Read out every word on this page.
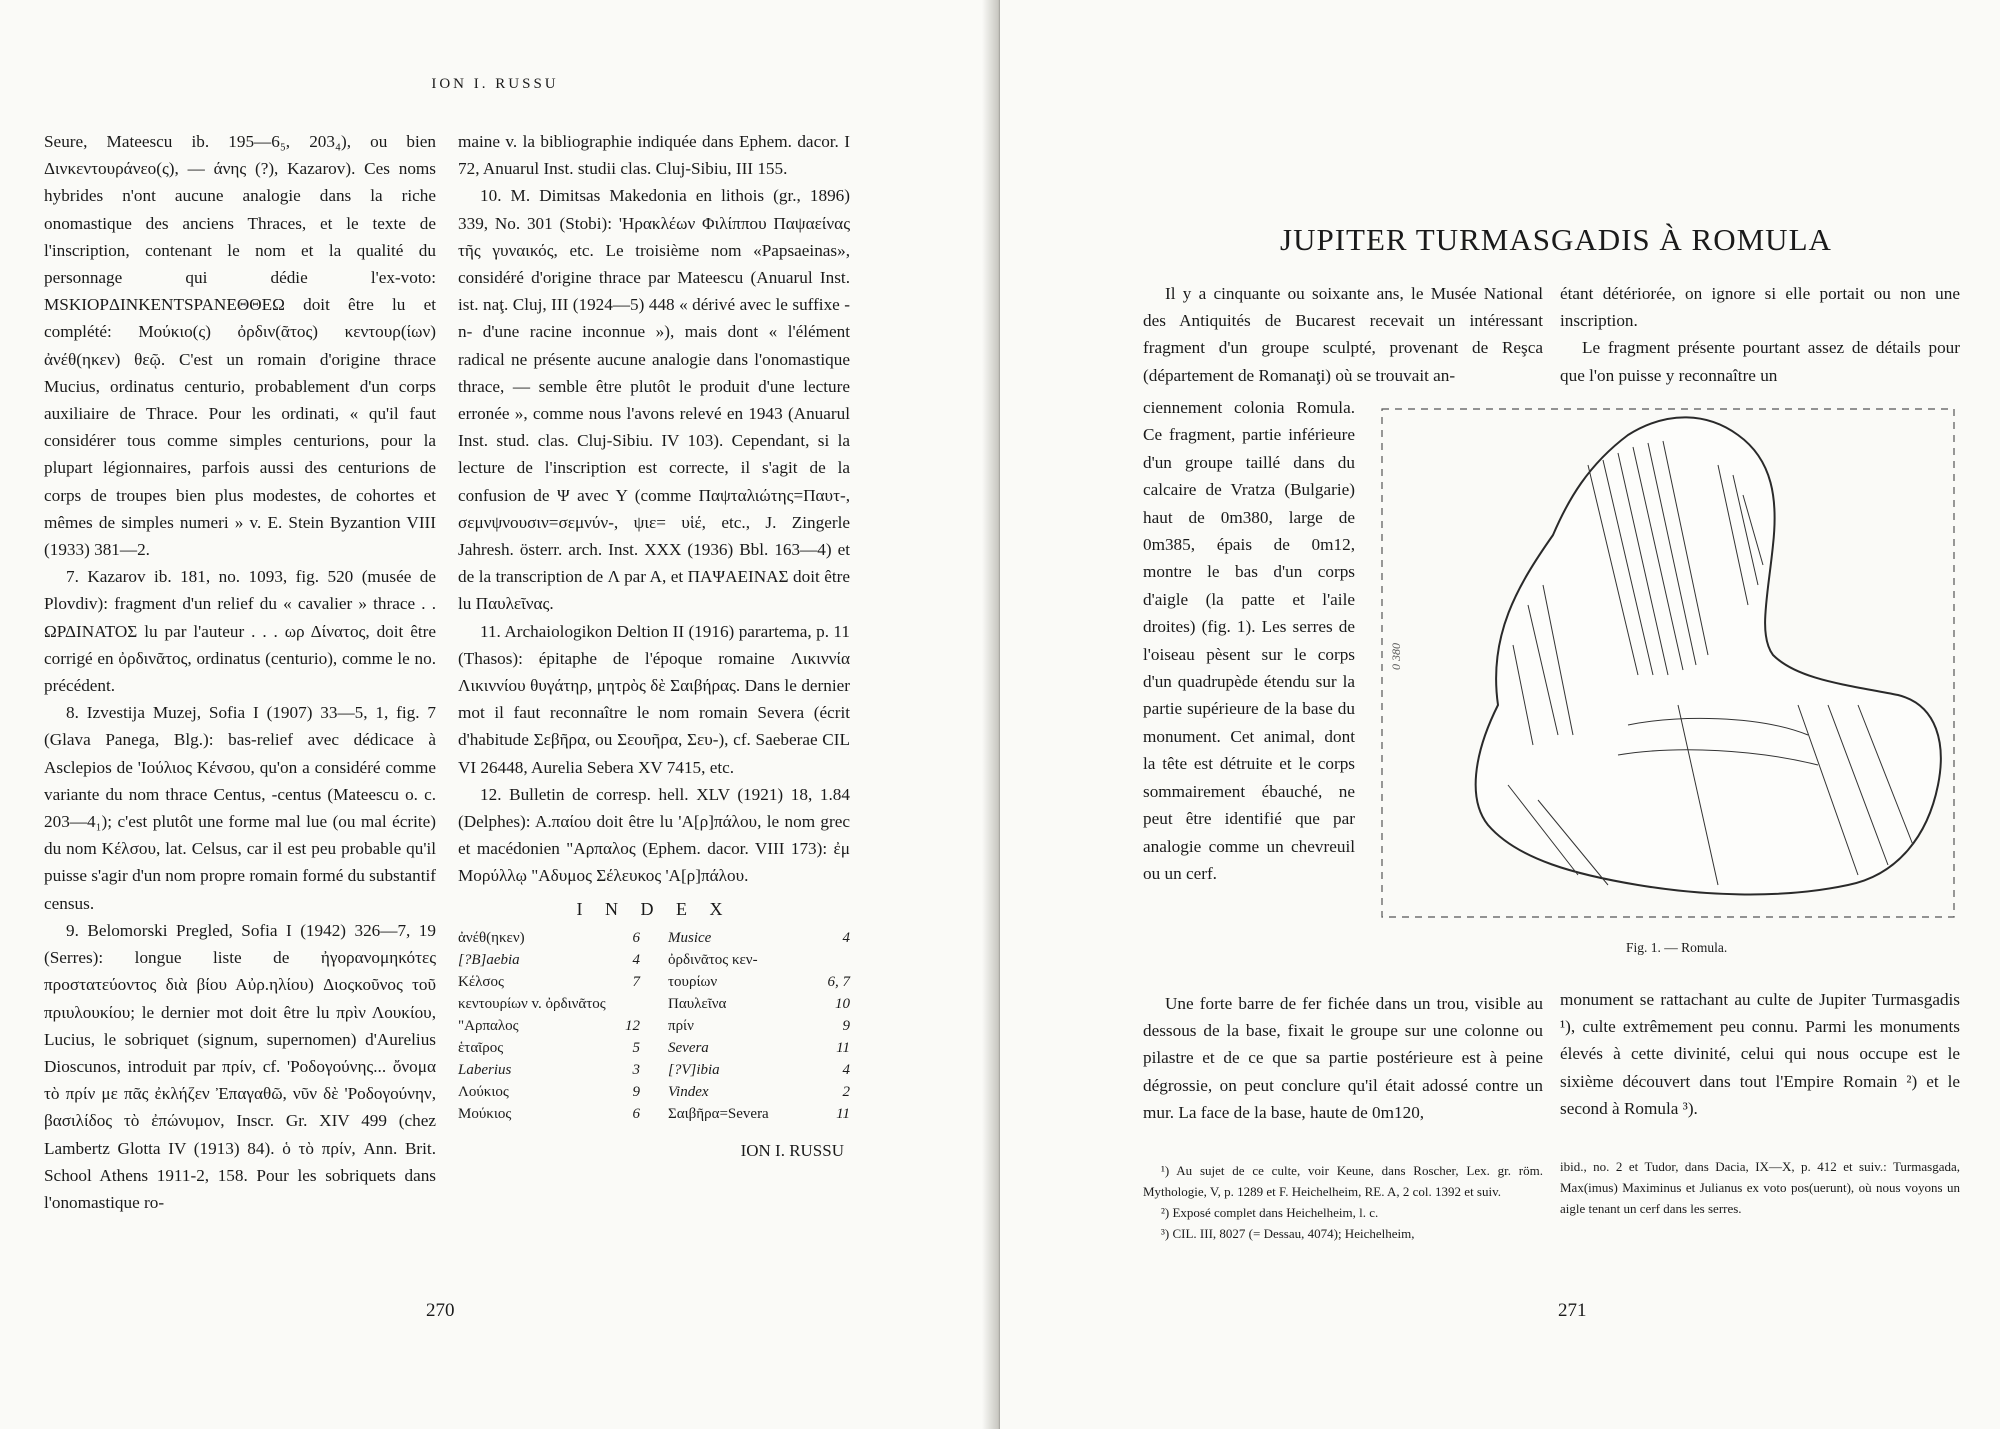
ION I. RUSSU

Seure, Mateescu ib. 195—6₅, 203₄), ou bien Δινκεντουράνεο(ς), — άνης (?), Kazarov). Ces noms hybrides n'ont aucune analogie dans la riche onomastique des anciens Thraces, et le texte de l'inscription, contenant le nom et la qualité du personnage qui dédie l'ex-voto: MSKIOPΔINKENTSPANEΘΘEΩ doit être lu et complété: Μούκιο(ς) ὀρδιν(ᾶτος) κεντουρ(ίων) ἀνέθ(ηκεν) θεῷ. C'est un romain d'origine thrace Mucius, ordinatus centurio, probablement d'un corps auxiliaire de Thrace. Pour les ordinati, « qu'il faut considérer tous comme simples centurions, pour la plupart légionnaires, parfois aussi des centurions de corps de troupes bien plus modestes, de cohortes et mêmes de simples numeri » v. E. Stein Byzantion VIII (1933) 381—2.

7. Kazarov ib. 181, no. 1093, fig. 520 (musée de Plovdiv): fragment d'un relief du « cavalier » thrace . . ΩΡΔΙΝΑΤΟΣ lu par l'auteur . . . ωρ Δίνατος, doit être corrigé en ὀρδινᾶτος, ordinatus (centurio), comme le no. précédent.

8. Izvestija Muzej, Sofia I (1907) 33—5, 1, fig. 7 (Glava Panega, Blg.): bas-relief avec dédicace à Asclepios de 'Ιούλιος Κένσου, qu'on a considéré comme variante du nom thrace Centus, -centus (Mateescu o. c. 203—4₁); c'est plutôt une forme mal lue (ou mal écrite) du nom Κέλσου, lat. Celsus, car il est peu probable qu'il puisse s'agir d'un nom propre romain formé du substantif census.

9. Belomorski Pregled, Sofia I (1942) 326—7, 19 (Serres): longue liste de ἠγορανομηκότες προστατεύοντος διὰ βίου Αὐρ.ηλίου) Διοςκοῦνος τοῦ πριυλουκίου; le dernier mot doit être lu πρὶν Λουκίου, Lucius, le sobriquet (signum, supernomen) d'Aurelius Dioscunos, introduit par πρίν, cf. 'Ροδογούνης... ὄνομα τὸ πρίν με πᾶς ἐκλήζεν Ἐπαγαθῶ, νῦν δὲ 'Ροδογούνην, βασιλίδος τὸ ἐπώνυμον, Inscr. Gr. XIV 499 (chez Lambertz Glotta IV (1913) 84). ὁ τὸ πρίν, Ann. Brit. School Athens 1911-2, 158. Pour les sobriquets dans l'onomastique ro-

maine v. la bibliographie indiquée dans Ephem. dacor. I 72, Anuarul Inst. studii clas. Cluj-Sibiu, III 155.

10. M. Dimitsas Makedonia en lithois (gr., 1896) 339, No. 301 (Stobi): 'Ηρακλέων Φιλίππου Παψαείνας τῆς γυναικός, etc. Le troisième nom «Papsaeinas», considéré d'origine thrace par Mateescu (Anuarul Inst. ist. naţ. Cluj, III (1924—5) 448 « dérivé avec le suffixe -n- d'une racine inconnue »), mais dont « l'élément radical ne présente aucune analogie dans l'onomastique thrace, — semble être plutôt le produit d'une lecture erronée », comme nous l'avons relevé en 1943 (Anuarul Inst. stud. clas. Cluj-Sibiu. IV 103). Cependant, si la lecture de l'inscription est correcte, il s'agit de la confusion de Ψ avec Y (comme Παψταλιώτης=Παυτ-, σεμνψνουσιν=σεμνύν-, ψιε= υἱέ, etc., J. Zingerle Jahresh. österr. arch. Inst. XXX (1936) Bbl. 163—4) et de la transcription de Λ par A, et ΠΑΨΑΕΙΝΑΣ doit être lu Παυλεῖνας.

11. Archaiologikon Deltion II (1916) parartema, p. 11 (Thasos): épitaphe de l'époque romaine Λικιννία Λικιννίου θυγάτηρ, μητρὸς δὲ Σαιβήρας. Dans le dernier mot il faut reconnaître le nom romain Severa (écrit d'habitude Σεβῆρα, ou Σεουῆρα, Σευ-), cf. Saeberae CIL VI 26448, Aurelia Sebera XV 7415, etc.

12. Bulletin de corresp. hell. XLV (1921) 18, 1.84 (Delphes): A.παίου doit être lu 'Α[ρ]πάλου, le nom grec et macédonien "Αρπαλος (Ephem. dacor. VIII 173): ἐμ Μορύλλῳ "Αδυμος Σέλευκος 'Α[ρ]πάλου.

I N D E X
ἀνέθ(ηκεν)	6
[?B]aebia	4
Κέλσος	7
κεντουρίων v. ὀρδινᾶτος
"Αρπαλος	12
ἑταῖρος	5
Laberius	3
Λούκιος	9
Μούκιος	6
Musice	4
ὀρδινᾶτος κεν-
τουρίων	6, 7
Παυλεῖνα	10
πρίν	9
Severa	11
[?V]ibia	4
Vindex	2
Σαιβῆρα=Severa	11
ION I. RUSSU
270
JUPITER TURMASGADIS À ROMULA

Il y a cinquante ou soixante ans, le Musée National des Antiquités de Bucarest recevait un intéressant fragment d'un groupe sculpté, provenant de Reşca (département de Romanaţi) où se trouvait an-

ciennement colonia Romula. Ce fragment, partie inférieure d'un groupe taillé dans du calcaire de Vratza (Bulgarie) haut de 0m380, large de 0m385, épais de 0m12, montre le bas d'un corps d'aigle (la patte et l'aile droites) (fig. 1). Les serres de l'oiseau pèsent sur le corps d'un quadrupède étendu sur la partie supérieure de la base du monument. Cet animal, dont la tête est détruite et le corps sommairement ébauché, ne peut être identifié que par analogie comme un chevreuil ou un cerf.

étant détériorée, on ignore si elle portait ou non une inscription.

Le fragment présente pourtant assez de détails pour que l'on puisse y reconnaître un

0 380
Fig. 1. — Romula.

Une forte barre de fer fichée dans un trou, visible au dessous de la base, fixait le groupe sur une colonne ou pilastre et de ce que sa partie postérieure est à peine dégrossie, on peut conclure qu'il était adossé contre un mur. La face de la base, haute de 0m120,

monument se rattachant au culte de Jupiter Turmasgadis ¹), culte extrêmement peu connu. Parmi les monuments élevés à cette divinité, celui qui nous occupe est le sixième découvert dans tout l'Empire Romain ²) et le second à Romula ³).

¹) Au sujet de ce culte, voir Keune, dans Roscher, Lex. gr. röm. Mythologie, V, p. 1289 et F. Heichelheim, RE. A, 2 col. 1392 et suiv.

²) Exposé complet dans Heichelheim, l. c.

³) CIL. III, 8027 (= Dessau, 4074); Heichelheim,

ibid., no. 2 et Tudor, dans Dacia, IX—X, p. 412 et suiv.: Turmasgada, Max(imus) Maximinus et Julianus ex voto pos(uerunt), où nous voyons un aigle tenant un cerf dans les serres.

271
